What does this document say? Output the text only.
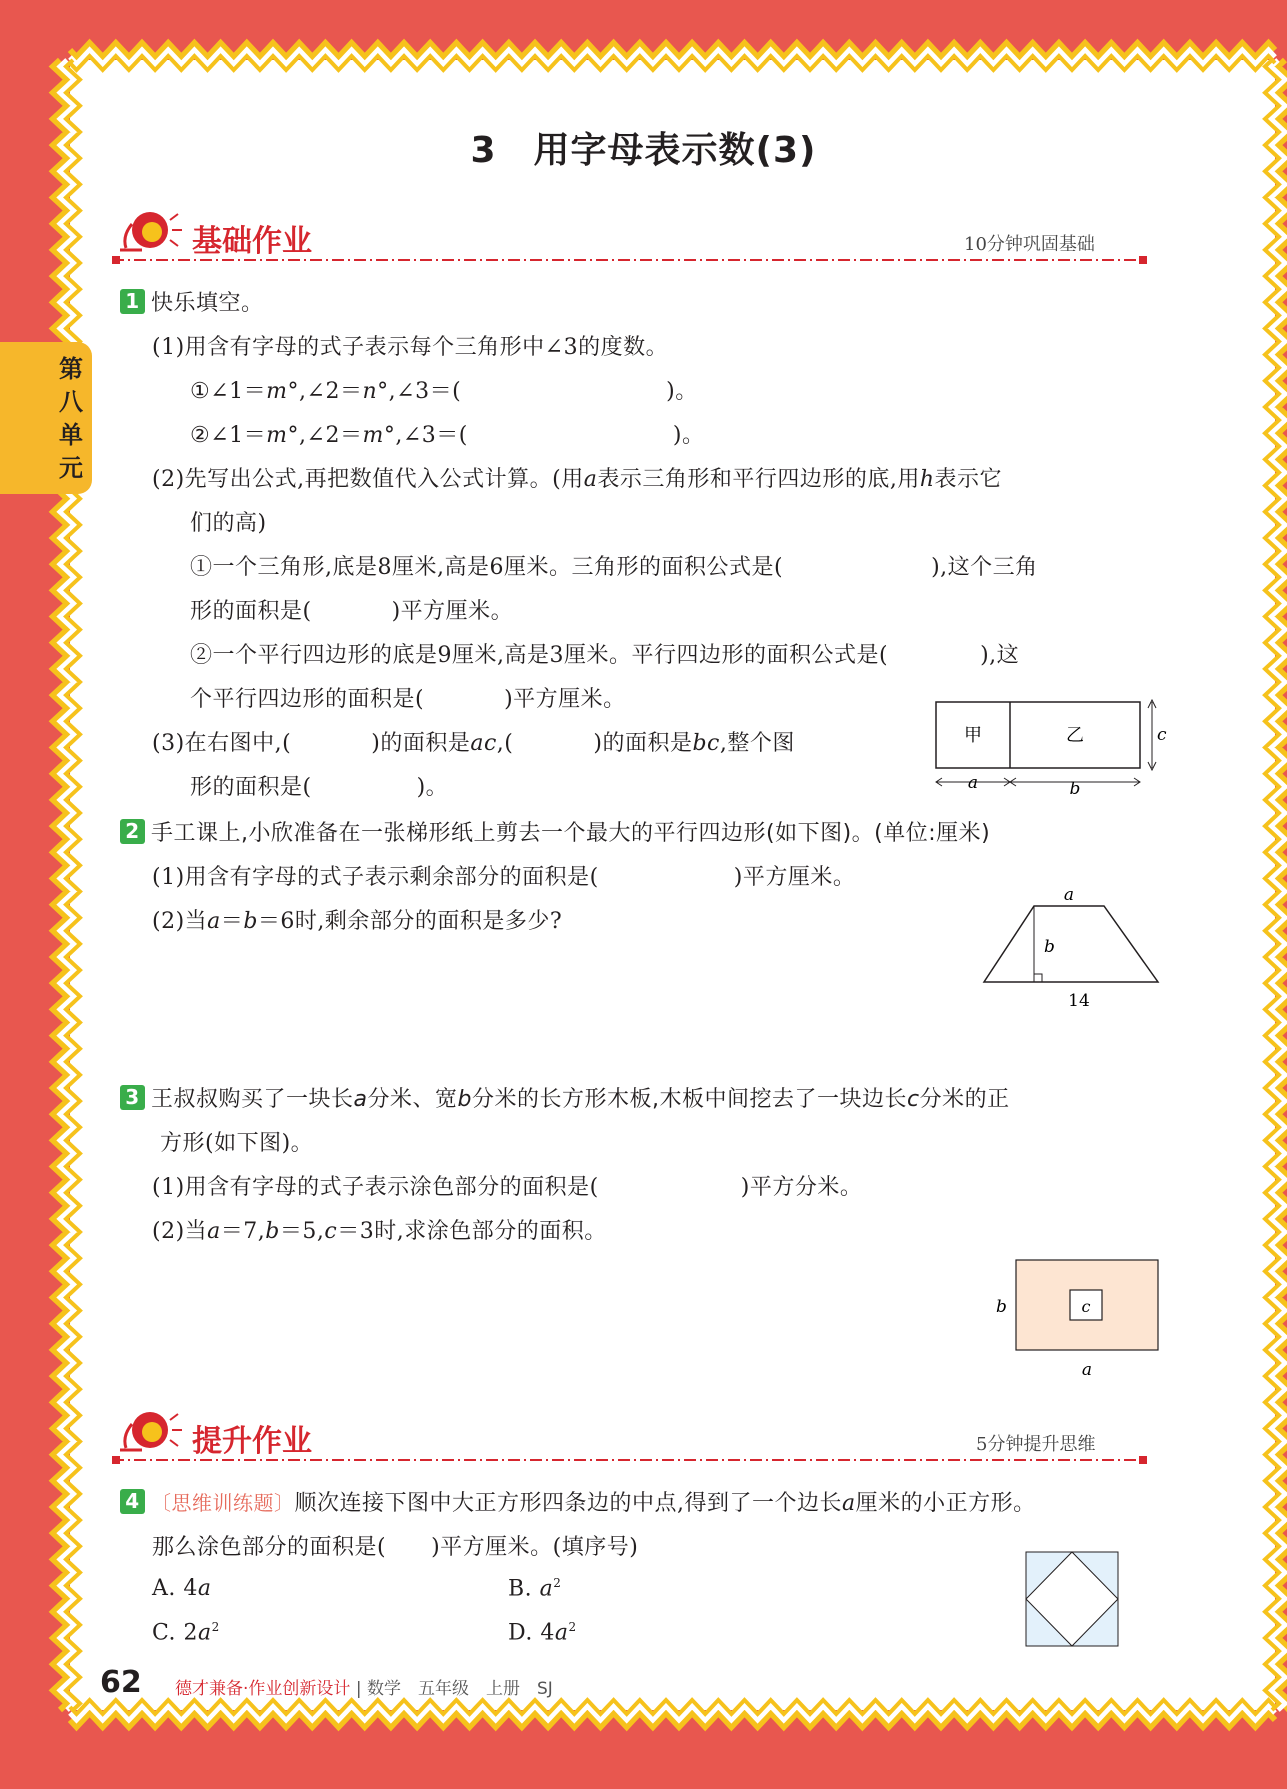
第
八
单
元
3　用字母表示数(3)
基础作业	10分钟巩固基础
1 快乐填空。
(1)用含有字母的式子表示每个三角形中∠3的度数。
①∠1＝m°,∠2＝n°,∠3＝(	)。
②∠1＝m°,∠2＝m°,∠3＝(	)。
(2)先写出公式,再把数值代入公式计算。(用a表示三角形和平行四边形的底,用h表示它
们的高)
①一个三角形,底是8厘米,高是6厘米。三角形的面积公式是(	),这个三角
形的面积是(	)平方厘米。
②一个平行四边形的底是9厘米,高是3厘米。平行四边形的面积公式是(	),这
个平行四边形的面积是(	)平方厘米。
(3)在右图中,(	)的面积是ac,(	)的面积是bc,整个图
形的面积是(	)。
甲	乙	c
a	b
2 手工课上,小欣准备在一张梯形纸上剪去一个最大的平行四边形(如下图)。(单位:厘米)
(1)用含有字母的式子表示剩余部分的面积是(	)平方厘米。
(2)当a＝b＝6时,剩余部分的面积是多少?
a
b
14
3 王叔叔购买了一块长a分米、宽b分米的长方形木板,木板中间挖去了一块边长c分米的正
方形(如下图)。
(1)用含有字母的式子表示涂色部分的面积是(	)平方分米。
(2)当a＝7,b＝5,c＝3时,求涂色部分的面积。
c
b
a
提升作业	5分钟提升思维
4 〔思维训练题〕顺次连接下图中大正方形四条边的中点,得到了一个边长a厘米的小正方形。
那么涂色部分的面积是(　　)平方厘米。(填序号)
A. 4a	B. $a^2$
C. $2a^2$	D. $4a^2$
62 德才兼备·作业创新设计 | 数学　五年级　上册　SJ
